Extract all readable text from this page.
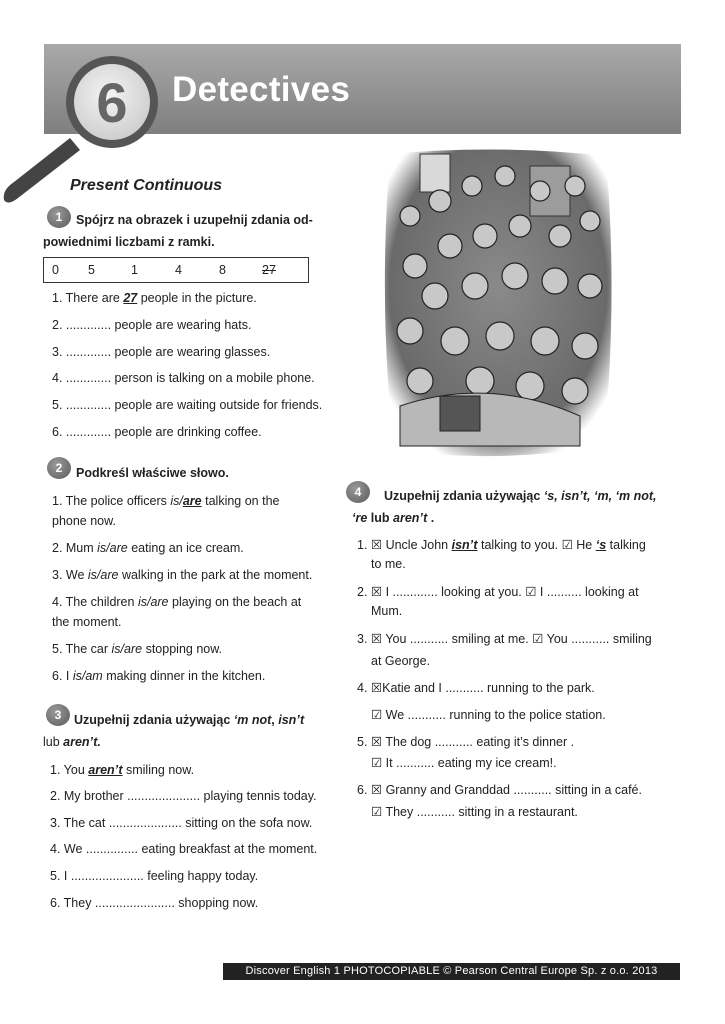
6 Detectives
Present Continuous
1	Spójrz na obrazek i uzupełnij zdania od-
powiednimi liczbami z ramki.
0 5	1	4	8	27
1. There are 27 people in the picture.
2. ............. people are wearing hats.
3. ............. people are wearing glasses.
4. ............. person is talking on a mobile phone.
5. ............. people are waiting outside for friends.
6. ............. people are drinking coffee.
2	Podkreśl właściwe słowo.
1. The police officers is/are talking on the
phone now.
2. Mum is/are eating an ice cream.
3. We is/are walking in the park at the moment.
4. The children is/are playing on the beach at
the moment.
5. The car is/are stopping now.
6. I is/am making dinner in the kitchen.
3	Uzupełnij zdania używając ‘m not, isn’t
lub aren’t.
1. You aren’t smiling now.
2. My brother ..................... playing tennis today.
3. The cat ..................... sitting on the sofa now.
4. We ............... eating breakfast at the moment.
5. I ..................... feeling happy today.
6. They ....................... shopping now.
4	Uzupełnij zdania używając ‘s, isn’t, ‘m, ‘m not,
‘re lub aren’t .
1. ☒ Uncle John isn’t talking to you. ☑ He ‘s talking
to me.
2. ☒ I ............. looking at you. ☑ I .......... looking at
Mum.
3. ☒ You ........... smiling at me. ☑ You ........... smiling
at George.
4. ☒Katie and I ........... running to the park.
☑ We ........... running to the police station.
5. ☒ The dog ........... eating it’s dinner .
☑ It ........... eating my ice cream!.
6. ☒ Granny and Granddad ........... sitting in a café.
☑ They ........... sitting in a restaurant.
Discover English 1 PHOTOCOPIABLE © Pearson Central Europe Sp. z o.o. 2013
